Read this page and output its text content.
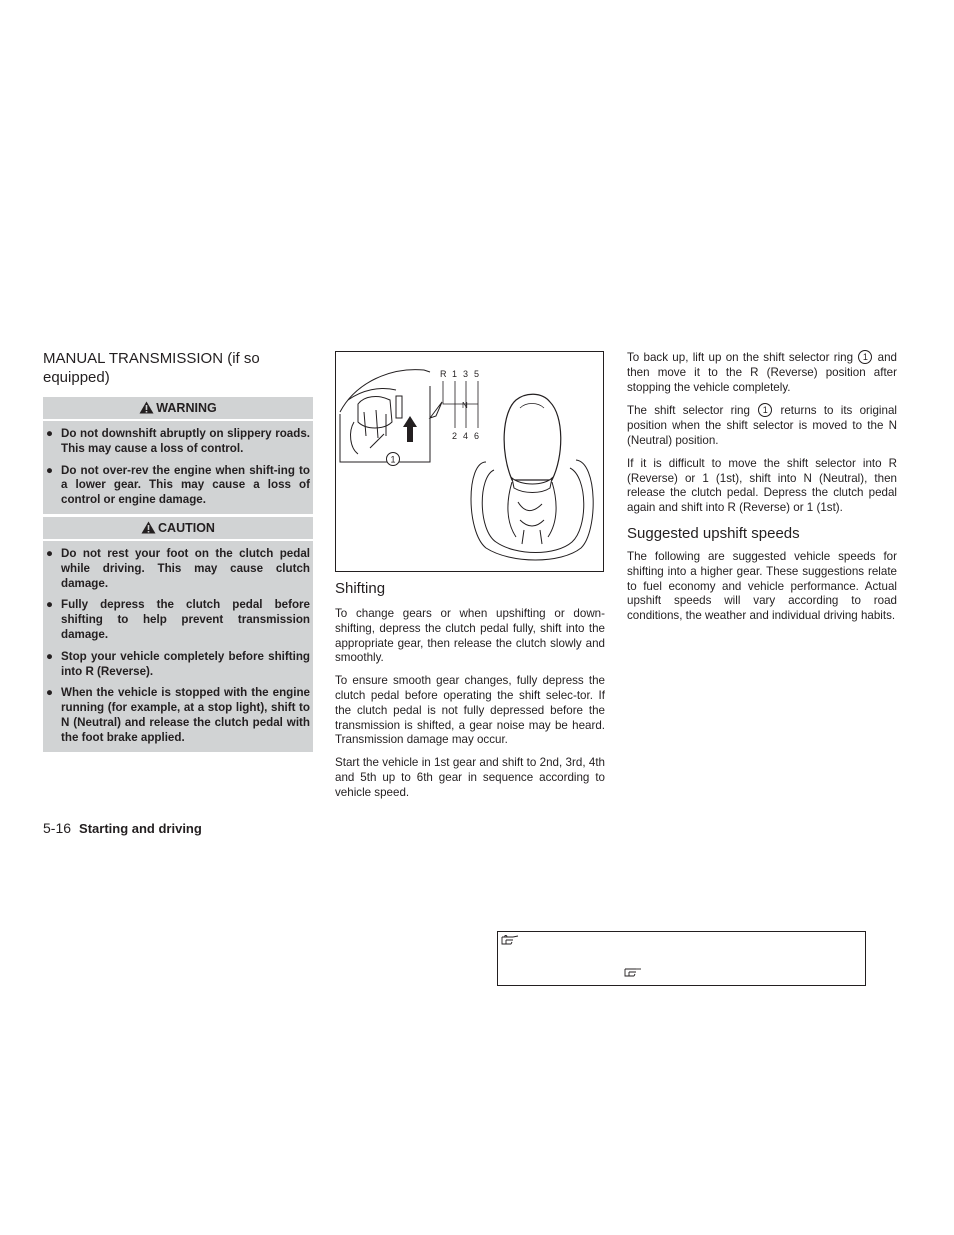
MANUAL TRANSMISSION (if so equipped)
WARNING
● Do not downshift abruptly on slippery roads. This may cause a loss of control.
● Do not over-rev the engine when shift-ing to a lower gear. This may cause a loss of control or engine damage.
CAUTION
● Do not rest your foot on the clutch pedal while driving. This may cause clutch damage.
● Fully depress the clutch pedal before shifting to help prevent transmission damage.
● Stop your vehicle completely before shifting into R (Reverse).
● When the vehicle is stopped with the engine running (for example, at a stop light), shift to N (Neutral) and release the clutch pedal with the foot brake applied.
5-16 Starting and driving
1
R 1 3 5
N
2 4 6
Shifting

To change gears or when upshifting or down-shifting, depress the clutch pedal fully, shift into the appropriate gear, then release the clutch slowly and smoothly.

To ensure smooth gear changes, fully depress the clutch pedal before operating the shift selec-tor. If the clutch pedal is not fully depressed before the transmission is shifted, a gear noise may be heard. Transmission damage may occur.

Start the vehicle in 1st gear and shift to 2nd, 3rd, 4th and 5th up to 6th gear in sequence according to vehicle speed.

To back up, lift up on the shift selector ring 1 and then move it to the R (Reverse) position after stopping the vehicle completely.

The shift selector ring 1 returns to its original position when the shift selector is moved to the N (Neutral) position.

If it is difficult to move the shift selector into R (Reverse) or 1 (1st), shift into N (Neutral), then release the clutch pedal. Depress the clutch pedal again and shift into R (Reverse) or 1 (1st).

Suggested upshift speeds

The following are suggested vehicle speeds for shifting into a higher gear. These suggestions relate to fuel economy and vehicle performance. Actual upshift speeds will vary according to road conditions, the weather and individual driving habits.
